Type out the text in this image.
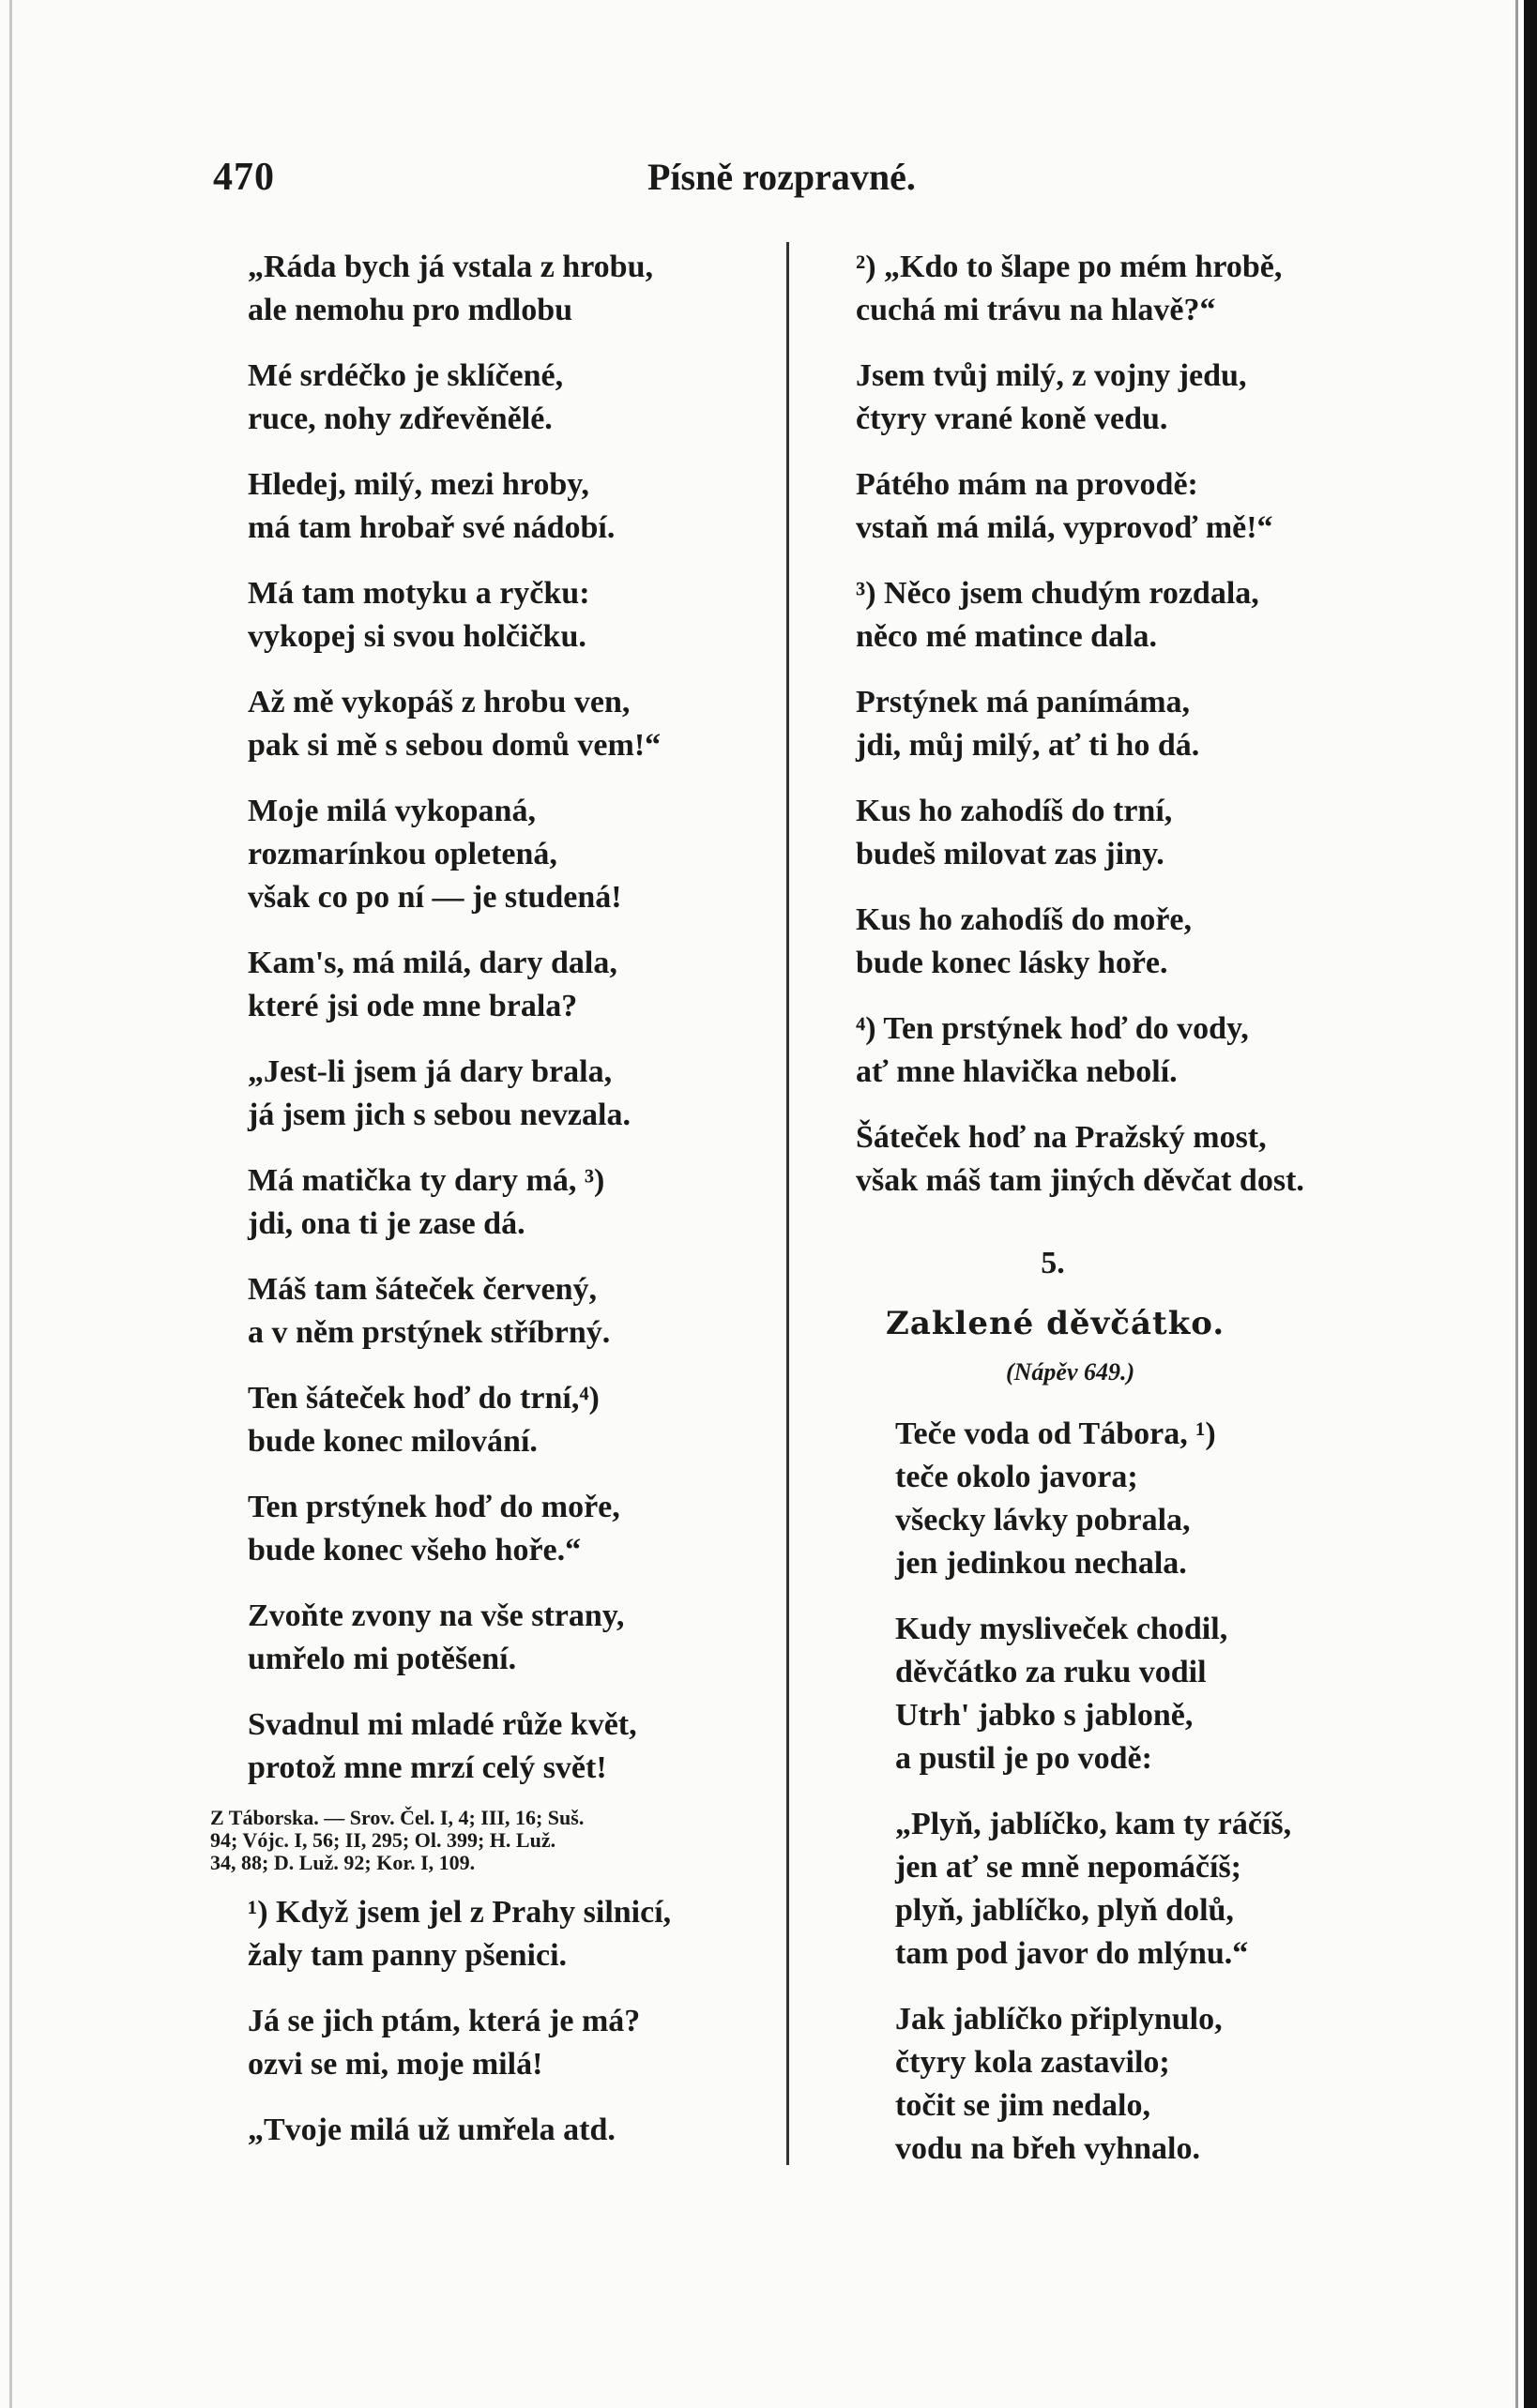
470	Písně rozpravné.
„Ráda bych já vstala z hrobu,
ale nemohu pro mdlobu
Mé srdéčko je sklíčené,
ruce, nohy zdřevěnělé.
Hledej, milý, mezi hroby,
má tam hrobař své nádobí.
Má tam motyku a ryčku:
vykopej si svou holčičku.
Až mě vykopáš z hrobu ven,
pak si mě s sebou domů vem!“
Moje milá vykopaná,
rozmarínkou opletená,
však co po ní — je studená!
Kam's, má milá, dary dala,
které jsi ode mne brala?
„Jest-li jsem já dary brala,
já jsem jich s sebou nevzala.
Má matička ty dary má, ³)
jdi, ona ti je zase dá.
Máš tam šáteček červený,
a v něm prstýnek stříbrný.
Ten šáteček hoď do trní,⁴)
bude konec milování.
Ten prstýnek hoď do moře,
bude konec všeho hoře.“
Zvoňte zvony na vše strany,
umřelo mi potěšení.
Svadnul mi mladé růže květ,
protož mne mrzí celý svět!
Z Táborska. — Srov. Čel. I, 4; III, 16; Suš.
94; Vójc. I, 56; II, 295; Ol. 399; H. Luž.
34, 88; D. Luž. 92; Kor. I, 109.
¹) Když jsem jel z Prahy silnicí,
žaly tam panny pšenici.
Já se jich ptám, která je má?
ozvi se mi, moje milá!
„Tvoje milá už umřela atd.
²) „Kdo to šlape po mém hrobě,
cuchá mi trávu na hlavě?“
Jsem tvůj milý, z vojny jedu,
čtyry vrané koně vedu.
Pátého mám na provodě:
vstaň má milá, vyprovoď mě!“
³) Něco jsem chudým rozdala,
něco mé matince dala.
Prstýnek má panímáma,
jdi, můj milý, ať ti ho dá.
Kus ho zahodíš do trní,
budeš milovat zas jiny.
Kus ho zahodíš do moře,
bude konec lásky hoře.
⁴) Ten prstýnek hoď do vody,
ať mne hlavička nebolí.
Šáteček hoď na Pražský most,
však máš tam jiných děvčat dost.
5.
Zaklené děvčátko.
(Nápěv 649.)
Teče voda od Tábora, ¹)
teče okolo javora;
všecky lávky pobrala,
jen jedinkou nechala.
Kudy mysliveček chodil,
děvčátko za ruku vodil
Utrh' jabko s jabloně,
a pustil je po vodě:
„Plyň, jablíčko, kam ty ráčíš,
jen ať se mně nepomáčíš;
plyň, jablíčko, plyň dolů,
tam pod javor do mlýnu.“
Jak jablíčko připlynulo,
čtyry kola zastavilo;
točit se jim nedalo,
vodu na břeh vyhnalo.
